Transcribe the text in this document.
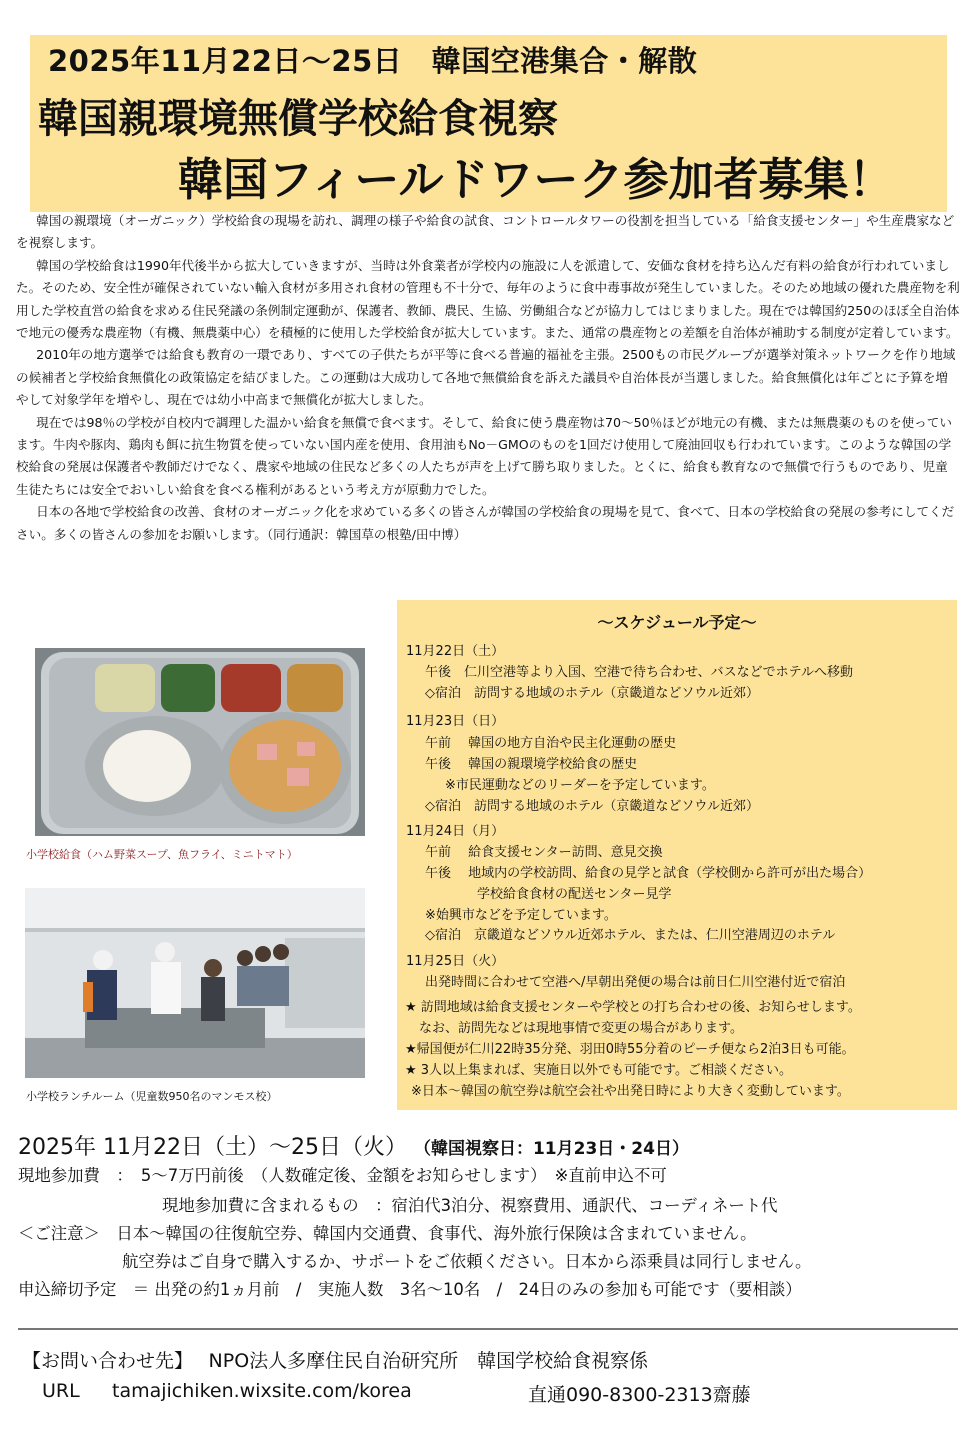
2025年11月22日～25日　韓国空港集合・解散
韓国親環境無償学校給食視察
韓国フィールドワーク参加者募集！

韓国の親環境（オーガニック）学校給食の現場を訪れ、調理の様子や給食の試食、コントロールタワーの役割を担当している「給食支援センター」や生産農家などを視察します。

韓国の学校給食は1990年代後半から拡大していきますが、当時は外食業者が学校内の施設に人を派遣して、安価な食材を持ち込んだ有料の給食が行われていました。そのため、安全性が確保されていない輸入食材が多用され食材の管理も不十分で、毎年のように食中毒事故が発生していました。そのため地域の優れた農産物を利用した学校直営の給食を求める住民発議の条例制定運動が、保護者、教師、農民、生協、労働組合などが協力してはじまりました。現在では韓国約250のほぼ全自治体で地元の優秀な農産物（有機、無農薬中心）を積極的に使用した学校給食が拡大しています。また、通常の農産物との差額を自治体が補助する制度が定着しています。

2010年の地方選挙では給食も教育の一環であり、すべての子供たちが平等に食べる普遍的福祉を主張。2500もの市民グループが選挙対策ネットワークを作り地域の候補者と学校給食無償化の政策協定を結びました。この運動は大成功して各地で無償給食を訴えた議員や自治体長が当選しました。給食無償化は年ごとに予算を増やして対象学年を増やし、現在では幼小中高まで無償化が拡大しました。

現在では98％の学校が自校内で調理した温かい給食を無償で食べます。そして、給食に使う農産物は70～50％ほどが地元の有機、または無農薬のものを使っています。牛肉や豚肉、鶏肉も餌に抗生物質を使っていない国内産を使用、食用油もNo－GMOのものを1回だけ使用して廃油回収も行われています。このような韓国の学校給食の発展は保護者や教師だけでなく、農家や地域の住民など多くの人たちが声を上げて勝ち取りました。とくに、給食も教育なので無償で行うものであり、児童生徒たちには安全でおいしい給食を食べる権利があるという考え方が原動力でした。

日本の各地で学校給食の改善、食材のオーガニック化を求めている多くの皆さんが韓国の学校給食の現場を見て、食べて、日本の学校給食の発展の参考にしてください。多くの皆さんの参加をお願いします。（同行通訳：韓国草の根塾/田中博）

小学校給食（ハム野菜スープ、魚フライ、ミニトマト）
小学校ランチルーム（児童数950名のマンモス校）
～スケジュール予定～
11月22日（土）
午後　仁川空港等より入国、空港で待ち合わせ、バスなどでホテルへ移動
◇宿泊　訪問する地域のホテル（京畿道などソウル近郊）
11月23日（日）
午前　 韓国の地方自治や民主化運動の歴史
午後　 韓国の親環境学校給食の歴史
※市民運動などのリーダーを予定しています。
◇宿泊　訪問する地域のホテル（京畿道などソウル近郊）
11月24日（月）
午前　 給食支援センター訪問、意見交換
午後　 地域内の学校訪問、給食の見学と試食（学校側から許可が出た場合）
学校給食食材の配送センター見学
※始興市などを予定しています。
◇宿泊　京畿道などソウル近郊ホテル、または、仁川空港周辺のホテル
11月25日（火）
出発時間に合わせて空港へ/早朝出発便の場合は前日仁川空港付近で宿泊
★ 訪問地域は給食支援センターや学校との打ち合わせの後、お知らせします。
なお、訪問先などは現地事情で変更の場合があります。
★帰国便が仁川22時35分発、羽田0時55分着のピーチ便なら2泊3日も可能。
★ 3人以上集まれば、実施日以外でも可能です。ご相談ください。
※日本～韓国の航空券は航空会社や出発日時により大きく変動しています。
2025年 11月22日（土）～25日（火） （韓国視察日：11月23日・24日）
現地参加費　：　5～7万円前後　（人数確定後、金額をお知らせします）　※直前申込不可
現地参加費に含まれるもの　：宿泊代3泊分、視察費用、通訳代、コーディネート代
＜ご注意＞　日本～韓国の往復航空券、韓国内交通費、食事代、海外旅行保険は含まれていません。
航空券はご自身で購入するか、サポートをご依頼ください。日本から添乗員は同行しません。
申込締切予定　＝ 出発の約1ヵ月前　/　実施人数　3名～10名　/　24日のみの参加も可能です（要相談）
【お問い合わせ先】　 NPO法人多摩住民自治研究所　韓国学校給食視察係
URL tamajichiken.wixsite.com/korea	直通090-8300-2313齋藤
